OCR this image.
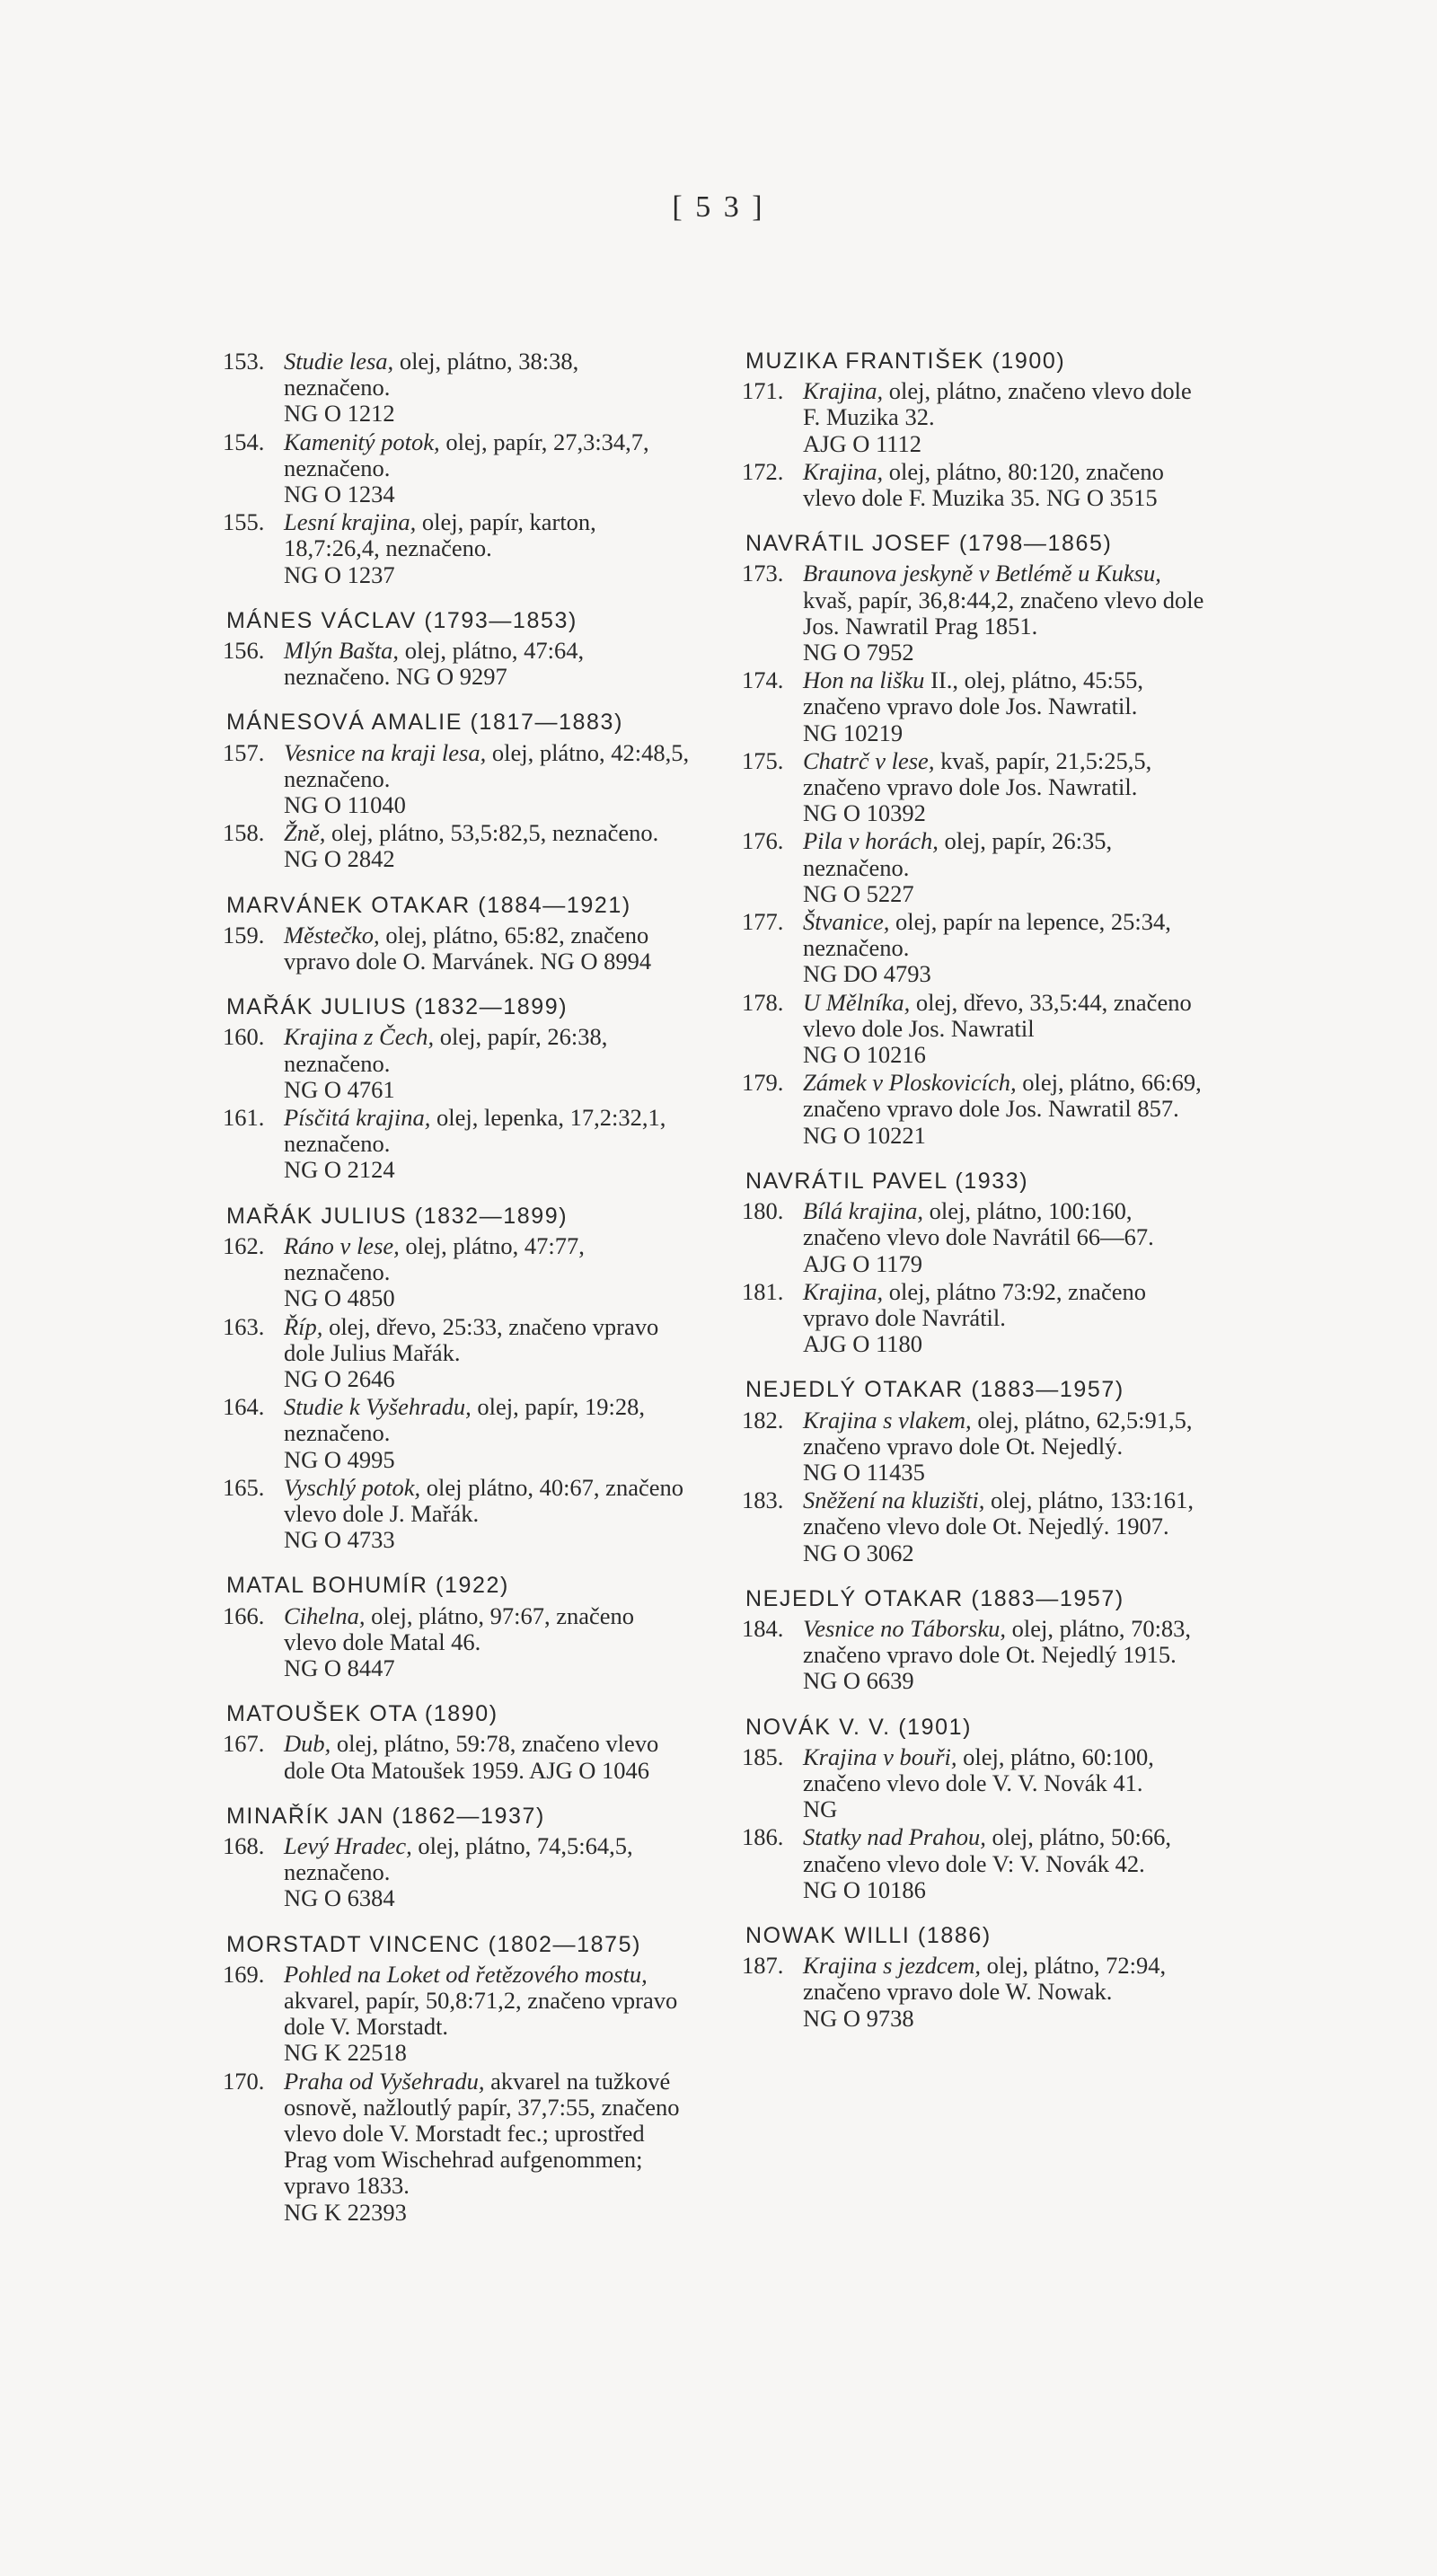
[ 5 3 ]
153. Studie lesa, olej, plátno, 38:38, neznačeno.
NG O 1212
154. Kamenitý potok, olej, papír, 27,3:34,7, neznačeno.
NG O 1234
155. Lesní krajina, olej, papír, karton, 18,7:26,4, neznačeno.
NG O 1237
MÁNES VÁCLAV (1793—1853)
156. Mlýn Bašta, olej, plátno, 47:64, neznačeno. NG O 9297
MÁNESOVÁ AMALIE (1817—1883)
157. Vesnice na kraji lesa, olej, plátno, 42:48,5, neznačeno.
NG O 11040
158. Žně, olej, plátno, 53,5:82,5, neznačeno. NG O 2842
MARVÁNEK OTAKAR (1884—1921)
159. Městečko, olej, plátno, 65:82, značeno vpravo dole O. Marvánek. NG O 8994
MAŘÁK JULIUS (1832—1899)
160. Krajina z Čech, olej, papír, 26:38, neznačeno.
NG O 4761
161. Písčitá krajina, olej, lepenka, 17,2:32,1, neznačeno.
NG O 2124
MAŘÁK JULIUS (1832—1899)
162. Ráno v lese, olej, plátno, 47:77, neznačeno.
NG O 4850
163. Říp, olej, dřevo, 25:33, značeno vpravo dole Julius Mařák.
NG O 2646
164. Studie k Vyšehradu, olej, papír, 19:28, neznačeno.
NG O 4995
165. Vyschlý potok, olej plátno, 40:67, značeno vlevo dole J. Mařák.
NG O 4733
MATAL BOHUMÍR (1922)
166. Cihelna, olej, plátno, 97:67, značeno vlevo dole Matal 46.
NG O 8447
MATOUŠEK OTA (1890)
167. Dub, olej, plátno, 59:78, značeno vlevo dole Ota Matoušek 1959. AJG O 1046
MINAŘÍK JAN (1862—1937)
168. Levý Hradec, olej, plátno, 74,5:64,5, neznačeno.
NG O 6384
MORSTADT VINCENC (1802—1875)
169. Pohled na Loket od řetězového mostu, akvarel, papír, 50,8:71,2, značeno vpravo dole V. Morstadt.
NG K 22518
170. Praha od Vyšehradu, akvarel na tužkové osnově, nažloutlý papír, 37,7:55, značeno vlevo dole V. Morstadt fec.; uprostřed Prag vom Wischehrad aufgenommen; vpravo 1833.
NG K 22393
MUZIKA FRANTIŠEK (1900)
171. Krajina, olej, plátno, značeno vlevo dole F. Muzika 32.
AJG O 1112
172. Krajina, olej, plátno, 80:120, značeno vlevo dole F. Muzika 35. NG O 3515
NAVRÁTIL JOSEF (1798—1865)
173. Braunova jeskyně v Betlémě u Kuksu, kvaš, papír, 36,8:44,2, značeno vlevo dole Jos. Nawratil Prag 1851.
NG O 7952
174. Hon na lišku II., olej, plátno, 45:55, značeno vpravo dole Jos. Nawratil.
NG 10219
175. Chatrč v lese, kvaš, papír, 21,5:25,5, značeno vpravo dole Jos. Nawratil.
NG O 10392
176. Pila v horách, olej, papír, 26:35, neznačeno.
NG O 5227
177. Štvanice, olej, papír na lepence, 25:34, neznačeno.
NG DO 4793
178. U Mělníka, olej, dřevo, 33,5:44, značeno vlevo dole Jos. Nawratil
NG O 10216
179. Zámek v Ploskovicích, olej, plátno, 66:69, značeno vpravo dole Jos. Nawratil 857.
NG O 10221
NAVRÁTIL PAVEL (1933)
180. Bílá krajina, olej, plátno, 100:160, značeno vlevo dole Navrátil 66—67.
AJG O 1179
181. Krajina, olej, plátno 73:92, značeno vpravo dole Navrátil.
AJG O 1180
NEJEDLÝ OTAKAR (1883—1957)
182. Krajina s vlakem, olej, plátno, 62,5:91,5, značeno vpravo dole Ot. Nejedlý.
NG O 11435
183. Sněžení na kluzišti, olej, plátno, 133:161, značeno vlevo dole Ot. Nejedlý. 1907.
NG O 3062
NEJEDLÝ OTAKAR (1883—1957)
184. Vesnice no Táborsku, olej, plátno, 70:83, značeno vpravo dole Ot. Nejedlý 1915.
NG O 6639
NOVÁK V. V. (1901)
185. Krajina v bouři, olej, plátno, 60:100, značeno vlevo dole V. V. Novák 41.
NG
186. Statky nad Prahou, olej, plátno, 50:66, značeno vlevo dole V: V. Novák 42.
NG O 10186
NOWAK WILLI (1886)
187. Krajina s jezdcem, olej, plátno, 72:94, značeno vpravo dole W. Nowak.
NG O 9738
